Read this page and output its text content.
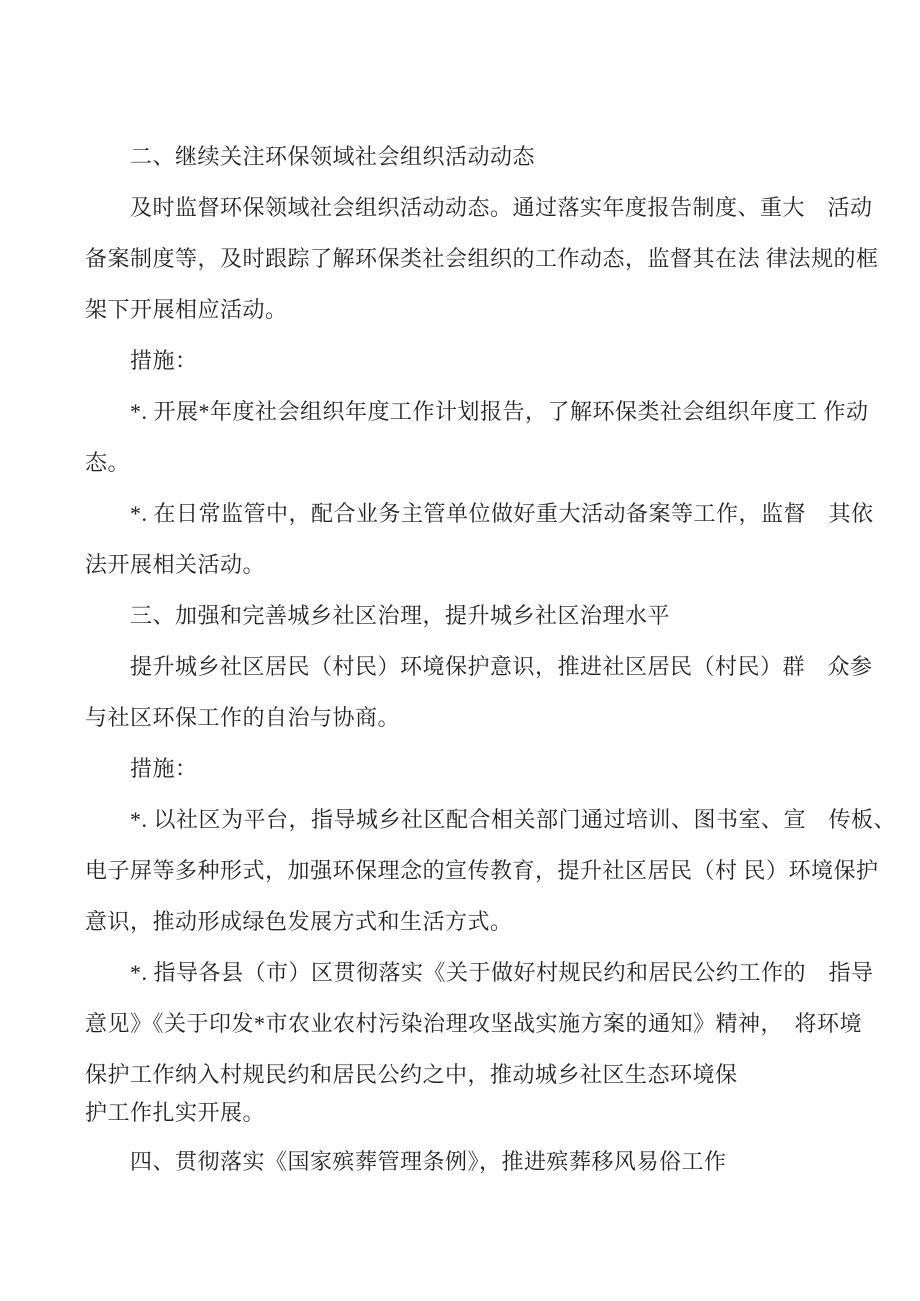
二、继续关注环保领域社会组织活动动态
及时监督环保领域社会组织活动动态。通过落实年度报告制度、重大　活动
备案制度等，及时跟踪了解环保类社会组织的工作动态，监督其在法 律法规的框
架下开展相应活动。
措施：
*. 开展*年度社会组织年度工作计划报告，了解环保类社会组织年度工 作动
态。
*. 在日常监管中，配合业务主管单位做好重大活动备案等工作，监督　其依
法开展相关活动。
三、加强和完善城乡社区治理，提升城乡社区治理水平
提升城乡社区居民（村民）环境保护意识，推进社区居民（村民）群　众参
与社区环保工作的自治与协商。
措施：
*. 以社区为平台，指导城乡社区配合相关部门通过培训、图书室、宣　传板、
电子屏等多种形式，加强环保理念的宣传教育，提升社区居民（村 民）环境保护
意识，推动形成绿色发展方式和生活方式。
*. 指导各县（市）区贯彻落实《关于做好村规民约和居民公约工作的　指导
意见》《关于印发*市农业农村污染治理攻坚战实施方案的通知》精神，　将环境
保护工作纳入村规民约和居民公约之中，推动城乡社区生态环境保
护工作扎实开展。
四、贯彻落实《国家殡葬管理条例》，推进殡葬移风易俗工作
